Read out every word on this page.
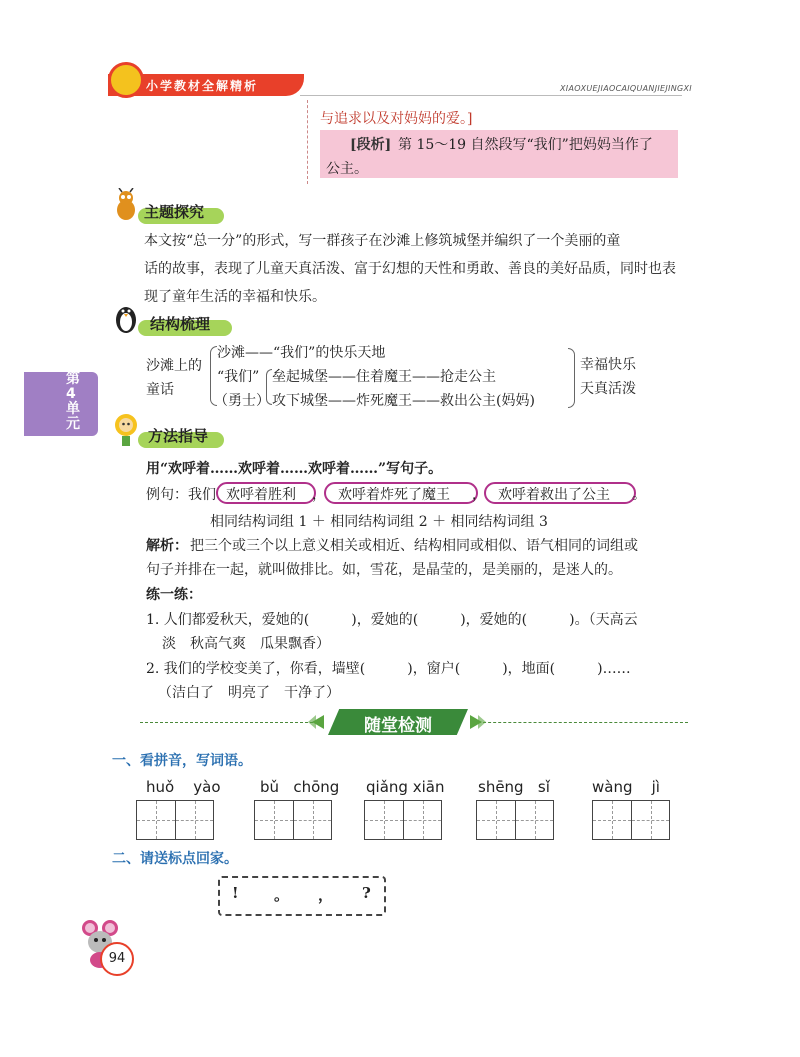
小学教材全解精析	XIAOXUEJIAOCAIQUANJIEJINGXI
与追求以及对妈妈的爱。]
[段析] 第 15～19 自然段写“我们”把妈妈当作了
公主。
主题探究
本文按“总一分”的形式，写一群孩子在沙滩上修筑城堡并编织了一个美丽的童
话的故事，表现了儿童天真活泼、富于幻想的天性和勇敢、善良的美好品质，同时也表
现了童年生活的幸福和快乐。
结构梳理
沙滩上的
童话
沙滩——“我们”的快乐天地
“我们”
（勇士）
垒起城堡——住着魔王——抢走公主
攻下城堡——炸死魔王——救出公主(妈妈)
幸福快乐
天真活泼
第4单元
方法指导
用“欢呼着……欢呼着……欢呼着……”写句子。
例句：我们 欢呼着胜利 ， 欢呼着炸死了魔王 ， 欢呼着救出了公主 。
相同结构词组 1 ＋ 相同结构词组 2 ＋ 相同结构词组 3
解析： 把三个或三个以上意义相关或相近、结构相同或相似、语气相同的词组或
句子并排在一起，就叫做排比。如，雪花，是晶莹的，是美丽的，是迷人的。
练一练：
1. 人们都爱秋天，爱她的(　　　)，爱她的(　　　)，爱她的(　　　)。（天高云
淡　秋高气爽　瓜果飘香）
2. 我们的学校变美了，你看，墙壁(　　　)，窗户(　　　)，地面(　　　)……
（洁白了　明亮了　干净了）
随堂检测
一、看拼音，写词语。
huǒ yào	bǔ chōng qiǎng xiān shēng sǐ	wàng jì
二、请送标点回家。
! 。 ， ?
94
